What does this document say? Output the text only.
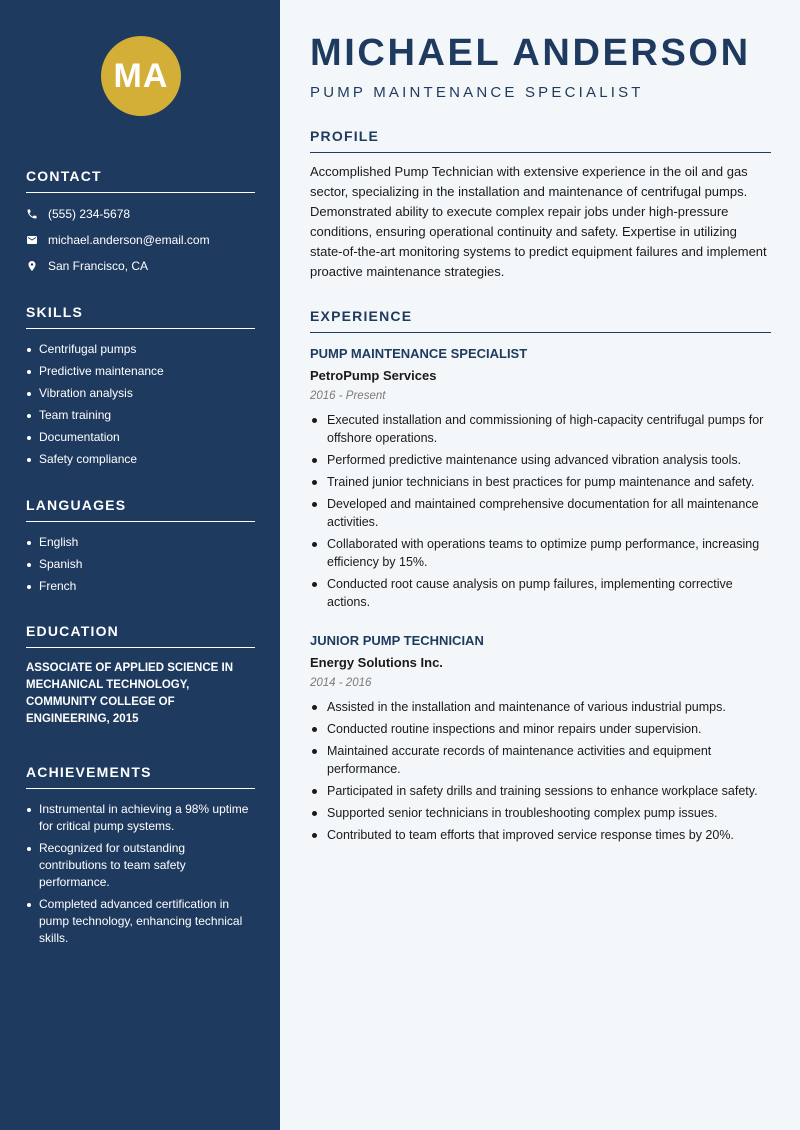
MA
CONTACT
(555) 234-5678
michael.anderson@email.com
San Francisco, CA
SKILLS
Centrifugal pumps
Predictive maintenance
Vibration analysis
Team training
Documentation
Safety compliance
LANGUAGES
English
Spanish
French
EDUCATION
ASSOCIATE OF APPLIED SCIENCE IN MECHANICAL TECHNOLOGY, COMMUNITY COLLEGE OF ENGINEERING, 2015
ACHIEVEMENTS
Instrumental in achieving a 98% uptime for critical pump systems.
Recognized for outstanding contributions to team safety performance.
Completed advanced certification in pump technology, enhancing technical skills.
MICHAEL ANDERSON
PUMP MAINTENANCE SPECIALIST
PROFILE

Accomplished Pump Technician with extensive experience in the oil and gas sector, specializing in the installation and maintenance of centrifugal pumps. Demonstrated ability to execute complex repair jobs under high-pressure conditions, ensuring operational continuity and safety. Expertise in utilizing state-of-the-art monitoring systems to predict equipment failures and implement proactive maintenance strategies.

EXPERIENCE
PUMP MAINTENANCE SPECIALIST
PetroPump Services
2016 - Present
Executed installation and commissioning of high-capacity centrifugal pumps for offshore operations.
Performed predictive maintenance using advanced vibration analysis tools.
Trained junior technicians in best practices for pump maintenance and safety.
Developed and maintained comprehensive documentation for all maintenance activities.
Collaborated with operations teams to optimize pump performance, increasing efficiency by 15%.
Conducted root cause analysis on pump failures, implementing corrective actions.
JUNIOR PUMP TECHNICIAN
Energy Solutions Inc.
2014 - 2016
Assisted in the installation and maintenance of various industrial pumps.
Conducted routine inspections and minor repairs under supervision.
Maintained accurate records of maintenance activities and equipment performance.
Participated in safety drills and training sessions to enhance workplace safety.
Supported senior technicians in troubleshooting complex pump issues.
Contributed to team efforts that improved service response times by 20%.
